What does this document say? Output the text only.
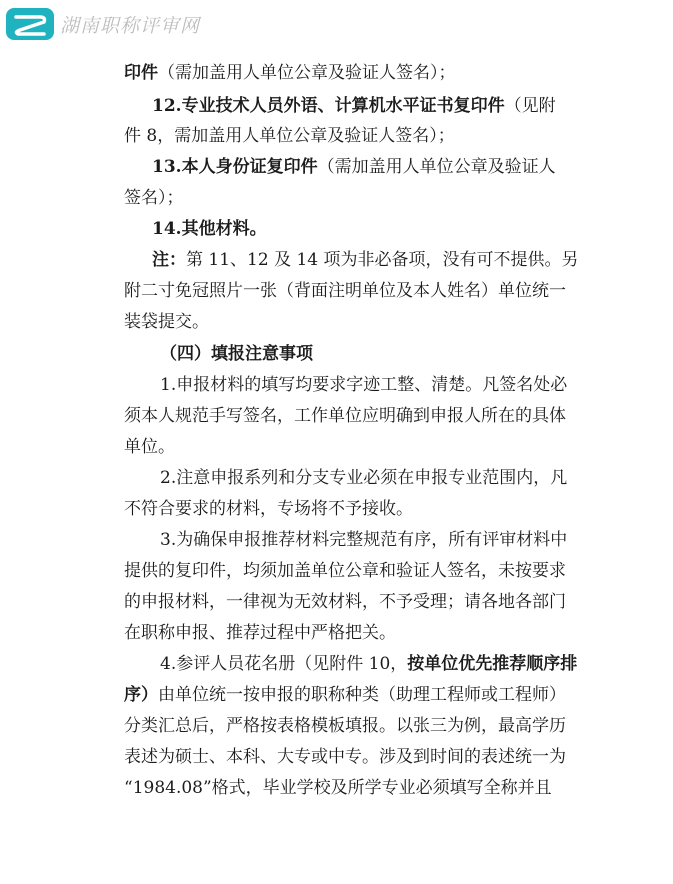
湖南职称评审网
印件（需加盖用人单位公章及验证人签名）；
12.专业技术人员外语、计算机水平证书复印件（见附
件 8，需加盖用人单位公章及验证人签名）；
13.本人身份证复印件（需加盖用人单位公章及验证人
签名）；
14.其他材料。
注：第 11、12 及 14 项为非必备项，没有可不提供。另
附二寸免冠照片一张（背面注明单位及本人姓名）单位统一
装袋提交。
（四）填报注意事项
1.申报材料的填写均要求字迹工整、清楚。凡签名处必
须本人规范手写签名，工作单位应明确到申报人所在的具体
单位。
2.注意申报系列和分支专业必须在申报专业范围内，凡
不符合要求的材料，专场将不予接收。
3.为确保申报推荐材料完整规范有序，所有评审材料中
提供的复印件，均须加盖单位公章和验证人签名，未按要求
的申报材料，一律视为无效材料，不予受理；请各地各部门
在职称申报、推荐过程中严格把关。
4.参评人员花名册（见附件 10，按单位优先推荐顺序排
序）由单位统一按申报的职称种类（助理工程师或工程师）
分类汇总后，严格按表格模板填报。以张三为例，最高学历
表述为硕士、本科、大专或中专。涉及到时间的表述统一为
“1984.08”格式，毕业学校及所学专业必须填写全称并且
